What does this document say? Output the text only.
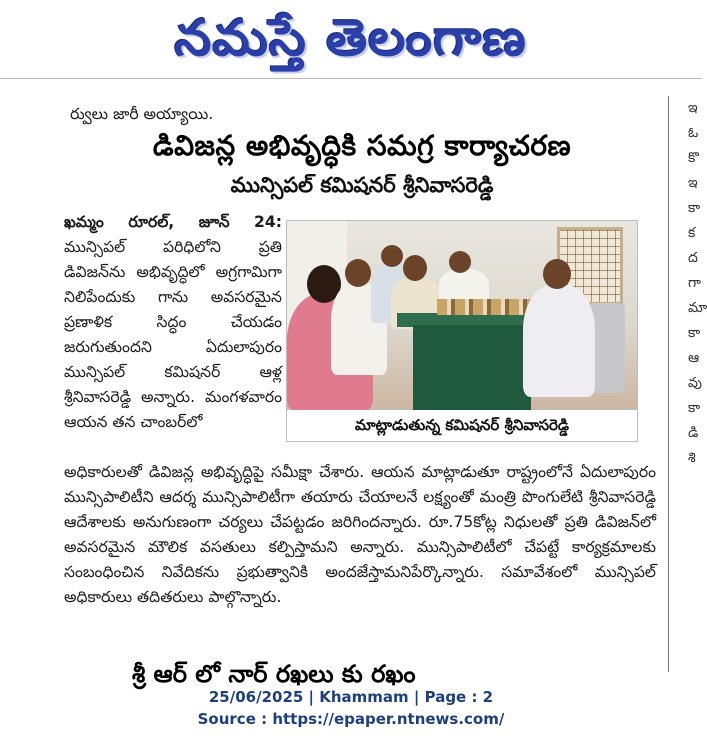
నమస్తే తెలంగాణ
ర్వులు జారీ అయ్యాయి.
డివిజన్ల అభివృద్ధికి సమగ్ర కార్యాచరణ
మున్సిపల్ కమిషనర్ శ్రీనివాసరెడ్డి

ఖమ్మం రూరల్, జూన్ 24: మున్సిపల్ పరిధిలోని ప్రతి డివిజన్‌ను అభివృద్ధిలో అగ్రగామిగా నిలిపేందుకు గాను అవసరమైన ప్రణాళిక సిద్ధం చేయడం జరుగుతుందని ఏదులాపురం మున్సిపల్ కమిషనర్ ఆళ్ల శ్రీనివాసరెడ్డి అన్నారు. మంగళవారం ఆయన తన చాంబర్‌లో	మాట్లాడుతున్న కమిషనర్ శ్రీనివాసరెడ్డి

అధికారులతో డివిజన్ల అభివృద్ధిపై సమీక్షా చేశారు. ఆయన మాట్లాడుతూ రాష్ట్రంలోనే ఏదులాపురం మున్సిపాలిటీని ఆదర్శ మున్సిపాలిటీగా తయారు చేయాలనే లక్ష్యంతో మంత్రి పొంగులేటి శ్రీనివాసరెడ్డి ఆదేశాలకు అనుగుణంగా చర్యలు చేపట్టడం జరిగిందన్నారు. రూ.75కోట్ల నిధులతో ప్రతి డివిజన్‌లో అవసరమైన మౌలిక వసతులు కల్పిస్తామని అన్నారు. మున్సిపాలిటీలో చేపట్టే కార్యక్రమాలకు సంబంధించిన నివేదికను ప్రభుత్వానికి అందజేస్తామనిపేర్కొన్నారు. సమావేశంలో మున్సిపల్ అధికారులు తదితరులు పాల్గొన్నారు.

శ్రీ ఆర్ లో నార్ రఖలు కు రఖం
ఇ
ఓ
కొ
ఇ
కా
క
ద
గా
మా
కా
ఆ
వు
కా
డి
శి
25/06/2025 | Khammam | Page : 2
Source : https://epaper.ntnews.com/
